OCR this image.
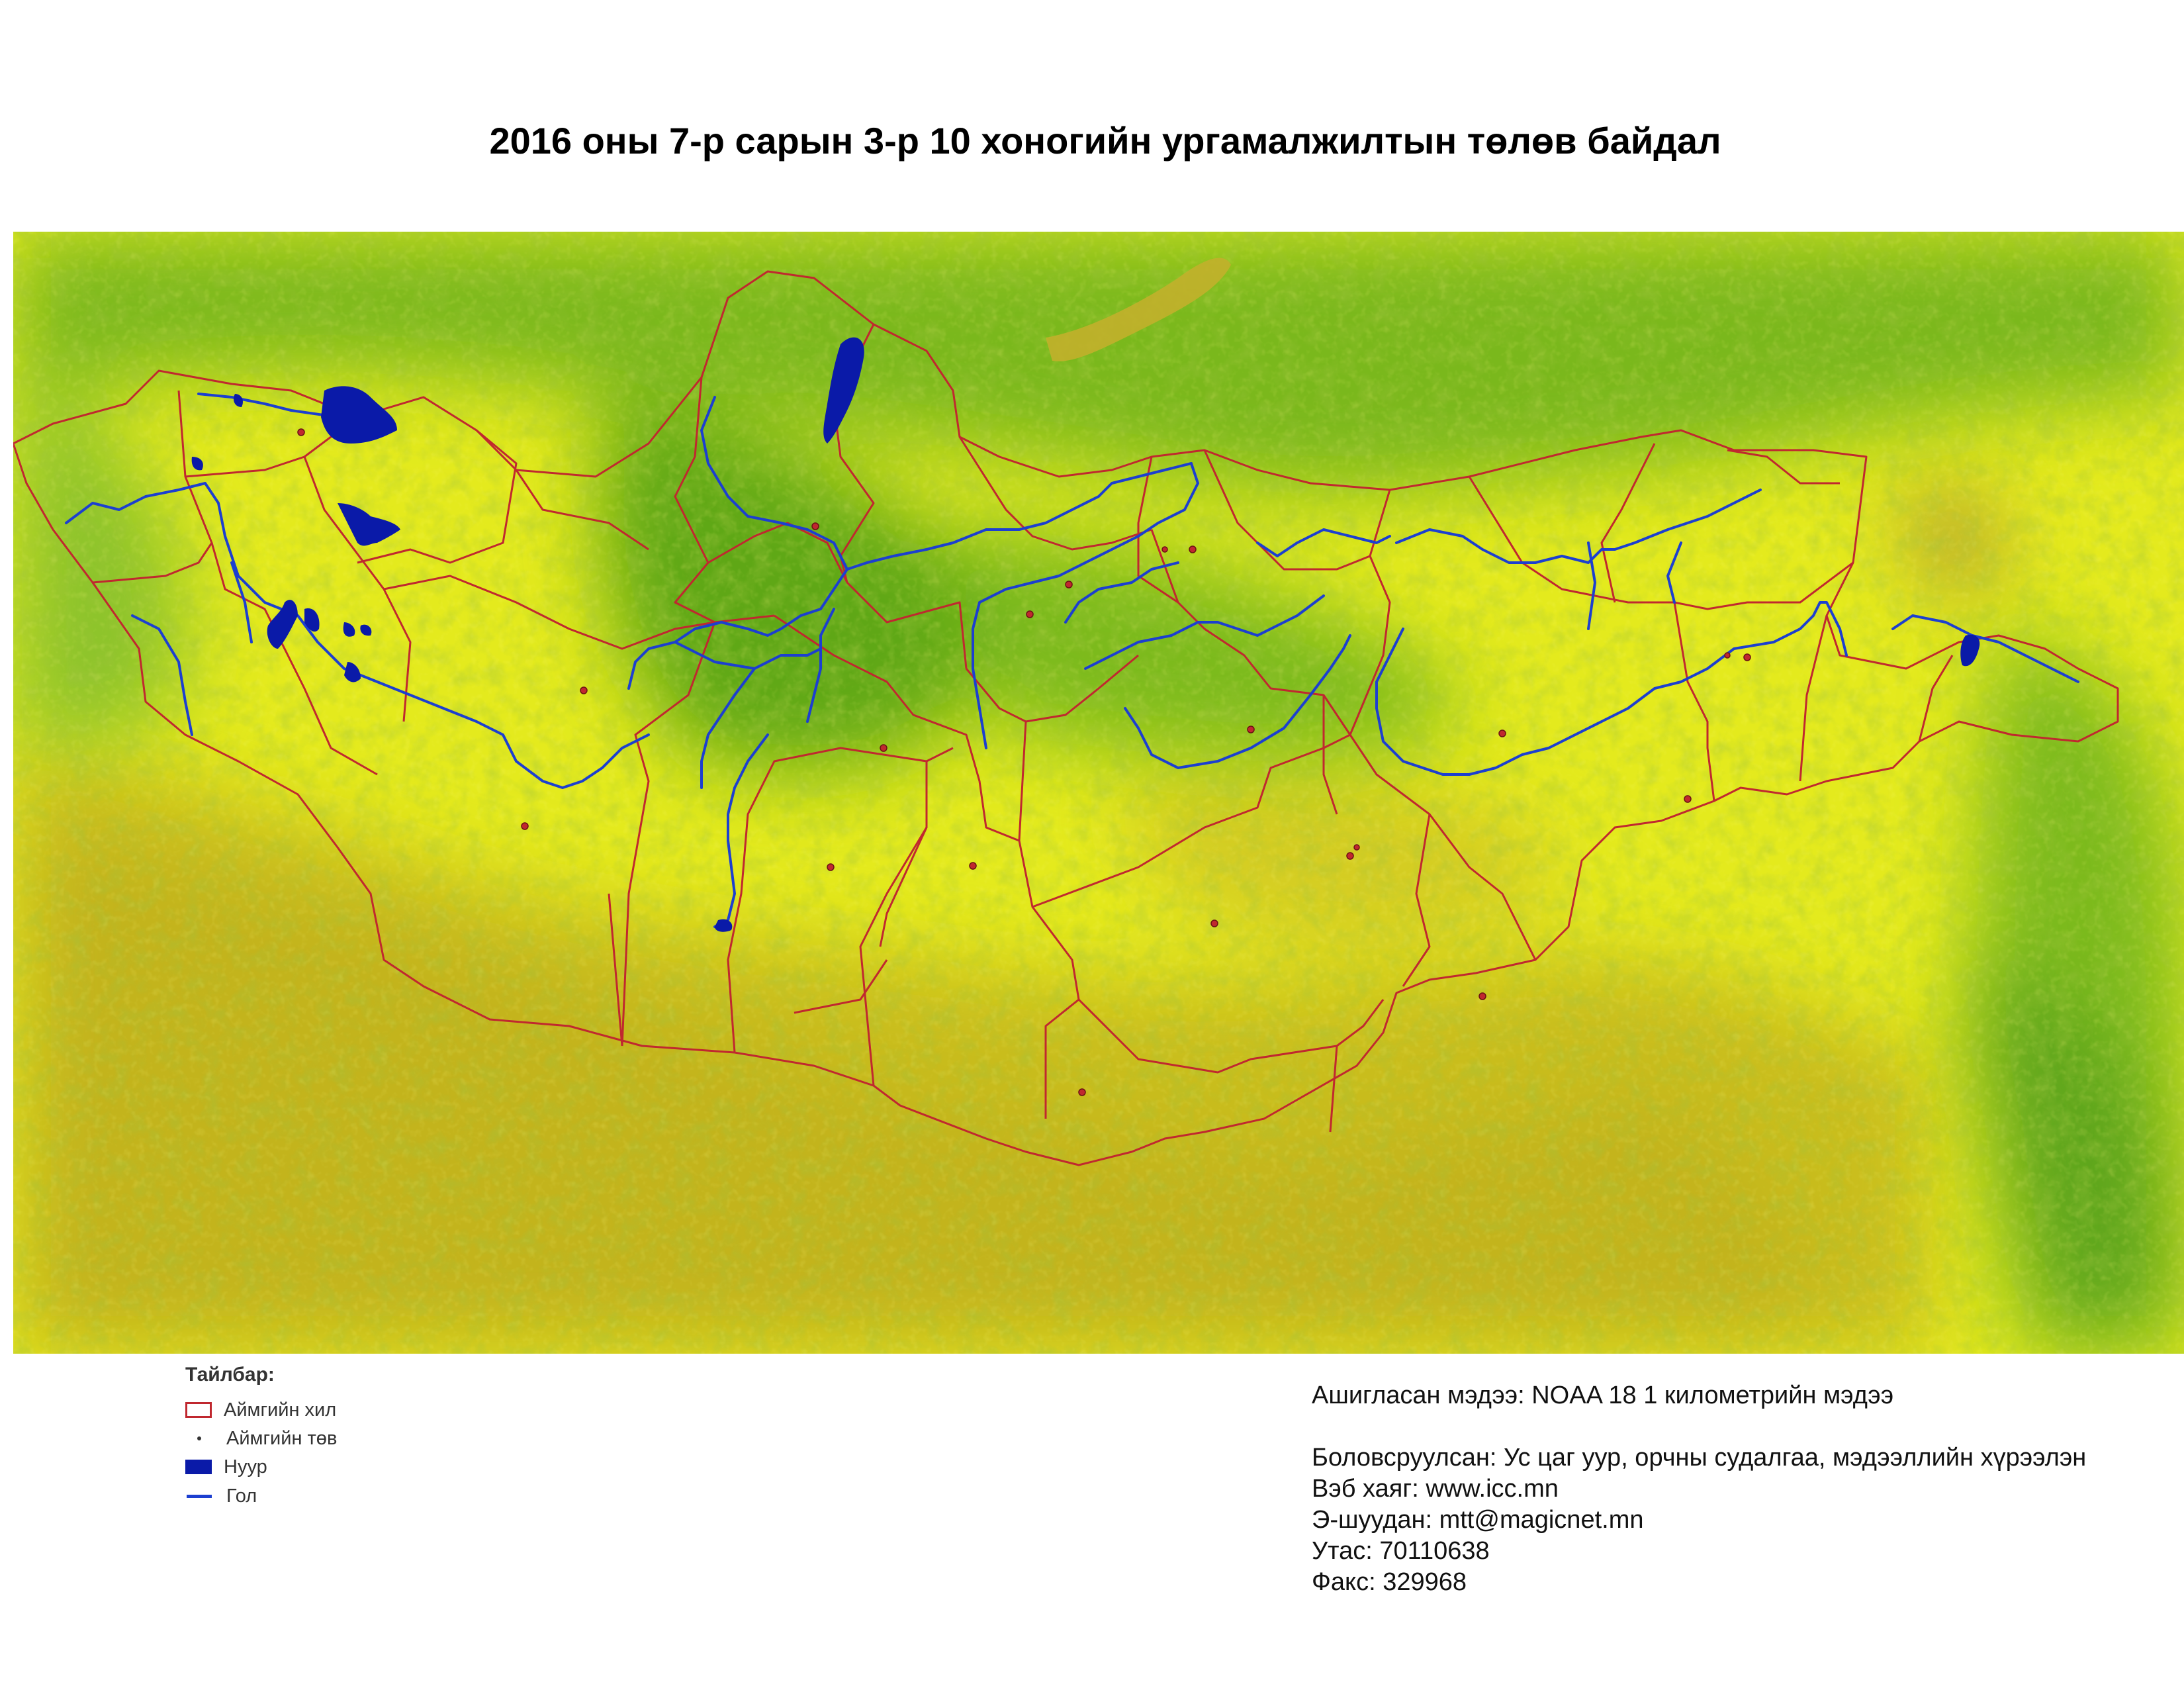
2016 оны 7-р сарын 3-р 10 хоногийн ургамалжилтын төлөв байдал
Тайлбар:
Аймгийн хил
Аймгийн төв
Нуур
Гол
Ашигласан мэдээ: NOAA 18 1 километрийн мэдээ
Боловсруулсан: Ус цаг уур, орчны судалгаа, мэдээллийн хүрээлэн
Вэб хаяг: www.icc.mn
Э-шуудан: mtt@magicnet.mn
Утас: 70110638
Факс: 329968
